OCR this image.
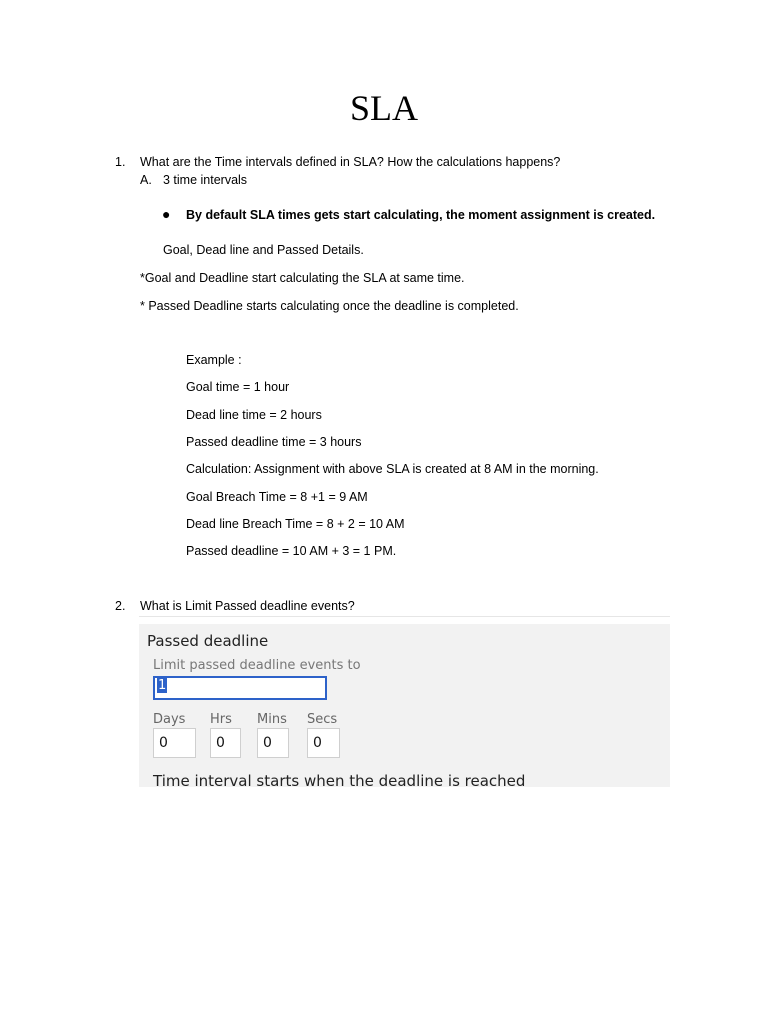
SLA
1. What are the Time intervals defined in SLA? How the calculations happens?
A. 3 time intervals
● By default SLA times gets start calculating, the moment assignment is created.
Goal, Dead line and Passed Details.
*Goal and Deadline start calculating the SLA at same time.
* Passed Deadline starts calculating once the deadline is completed.
Example :
Goal time = 1 hour
Dead line time = 2 hours
Passed deadline time = 3 hours
Calculation: Assignment with above SLA is created at 8 AM in the morning.
Goal Breach Time = 8 +1 = 9 AM
Dead line Breach Time = 8 + 2 = 10 AM
Passed deadline = 10 AM + 3 = 1 PM.
2. What is Limit Passed deadline events?
Passed deadline
Limit passed deadline events to
1
Days Hrs Mins Secs
0	0	0	0
Time interval starts when the deadline is reached
